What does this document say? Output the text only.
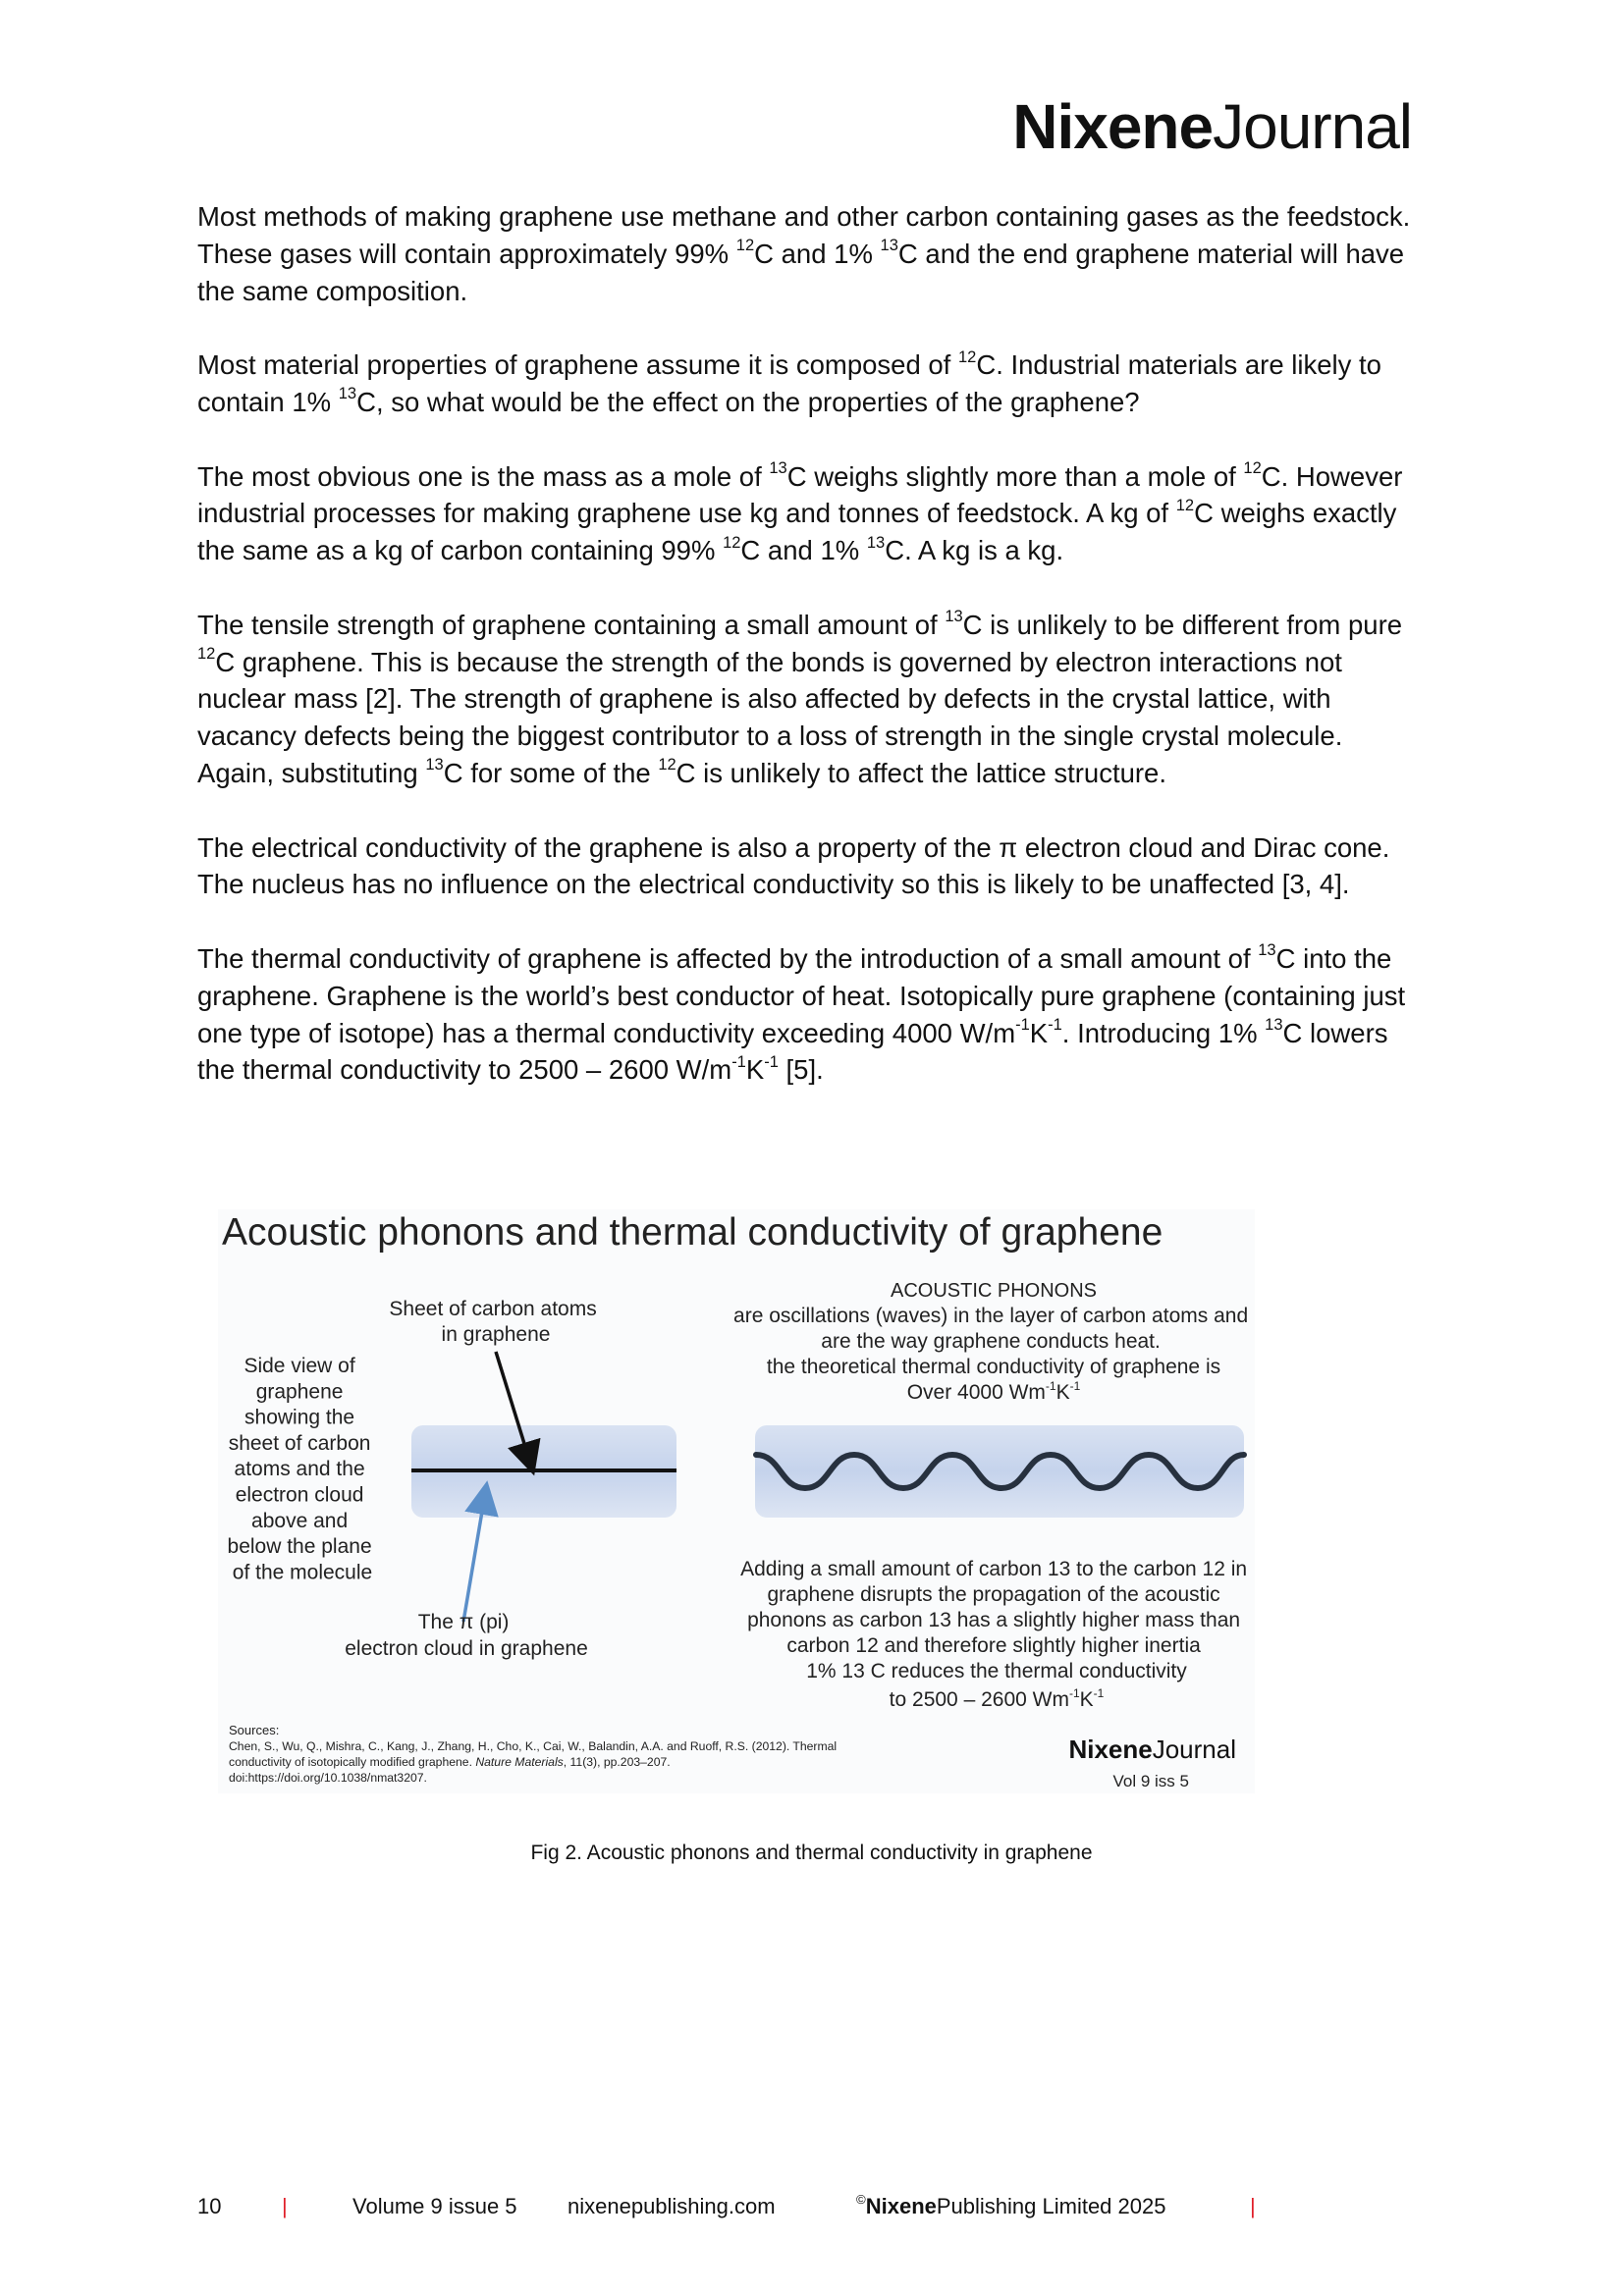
NixeneJournal

Most methods of making graphene use methane and other carbon containing gases as the feedstock. These gases will contain approximately 99% $^{12}$C and 1% $^{13}$C and the end graphene material will have the same composition.

Most material properties of graphene assume it is composed of $^{12}$C. Industrial materials are likely to contain 1% $^{13}$C, so what would be the effect on the properties of the graphene?

The most obvious one is the mass as a mole of $^{13}$C weighs slightly more than a mole of $^{12}$C. However industrial processes for making graphene use kg and tonnes of feedstock. A kg of $^{12}$C weighs exactly the same as a kg of carbon containing 99% $^{12}$C and 1% $^{13}$C. A kg is a kg.

The tensile strength of graphene containing a small amount of $^{13}$C is unlikely to be different from pure $^{12}$C graphene. This is because the strength of the bonds is governed by electron interactions not nuclear mass [2]. The strength of graphene is also affected by defects in the crystal lattice, with vacancy defects being the biggest contributor to a loss of strength in the single crystal molecule. Again, substituting $^{13}$C for some of the $^{12}$C is unlikely to affect the lattice structure.

The electrical conductivity of the graphene is also a property of the π electron cloud and Dirac cone. The nucleus has no influence on the electrical conductivity so this is likely to be unaffected [3, 4].

The thermal conductivity of graphene is affected by the introduction of a small amount of $^{13}$C into the graphene. Graphene is the world’s best conductor of heat. Isotopically pure graphene (containing just one type of isotope) has a thermal conductivity exceeding 4000 $W/m^{-1}K^{-1}$. Introducing 1% $^{13}$C lowers the thermal conductivity to 2500 – 2600 $W/m^{-1}K^{-1}$ [5].

Acoustic phonons and thermal conductivity of graphene
Sheet of carbon atoms in graphene
Side view of graphene showing the sheet of carbon atoms and the electron cloud above and below the plane of the molecule
The π (pi) electron cloud in graphene
ACOUSTIC PHONONS
are oscillations (waves) in the layer of carbon atoms and are the way graphene conducts heat. the theoretical thermal conductivity of graphene is
Over 4000 $Wm^{-1}K^{-1}$
Adding a small amount of carbon 13 to the carbon 12 in graphene disrupts the propagation of the acoustic phonons as carbon 13 has a slightly higher mass than carbon 12 and therefore slightly higher inertia 1% 13 C reduces the thermal conductivity
to 2500 – 2600 $Wm^{-1}K^{-1}$
Sources:
Chen, S., Wu, Q., Mishra, C., Kang, J., Zhang, H., Cho, K., Cai, W., Balandin, A.A. and Ruoff, R.S. (2012). Thermal
conductivity of isotopically modified graphene. Nature Materials, 11(3), pp.203–207.
doi:https://doi.org/10.1038/nmat3207.
NixeneJournal
Vol 9 iss 5
Fig 2. Acoustic phonons and thermal conductivity in graphene
10	|	Volume 9 issue 5 nixenepublishing.com	©NixenePublishing Limited 2025	|
